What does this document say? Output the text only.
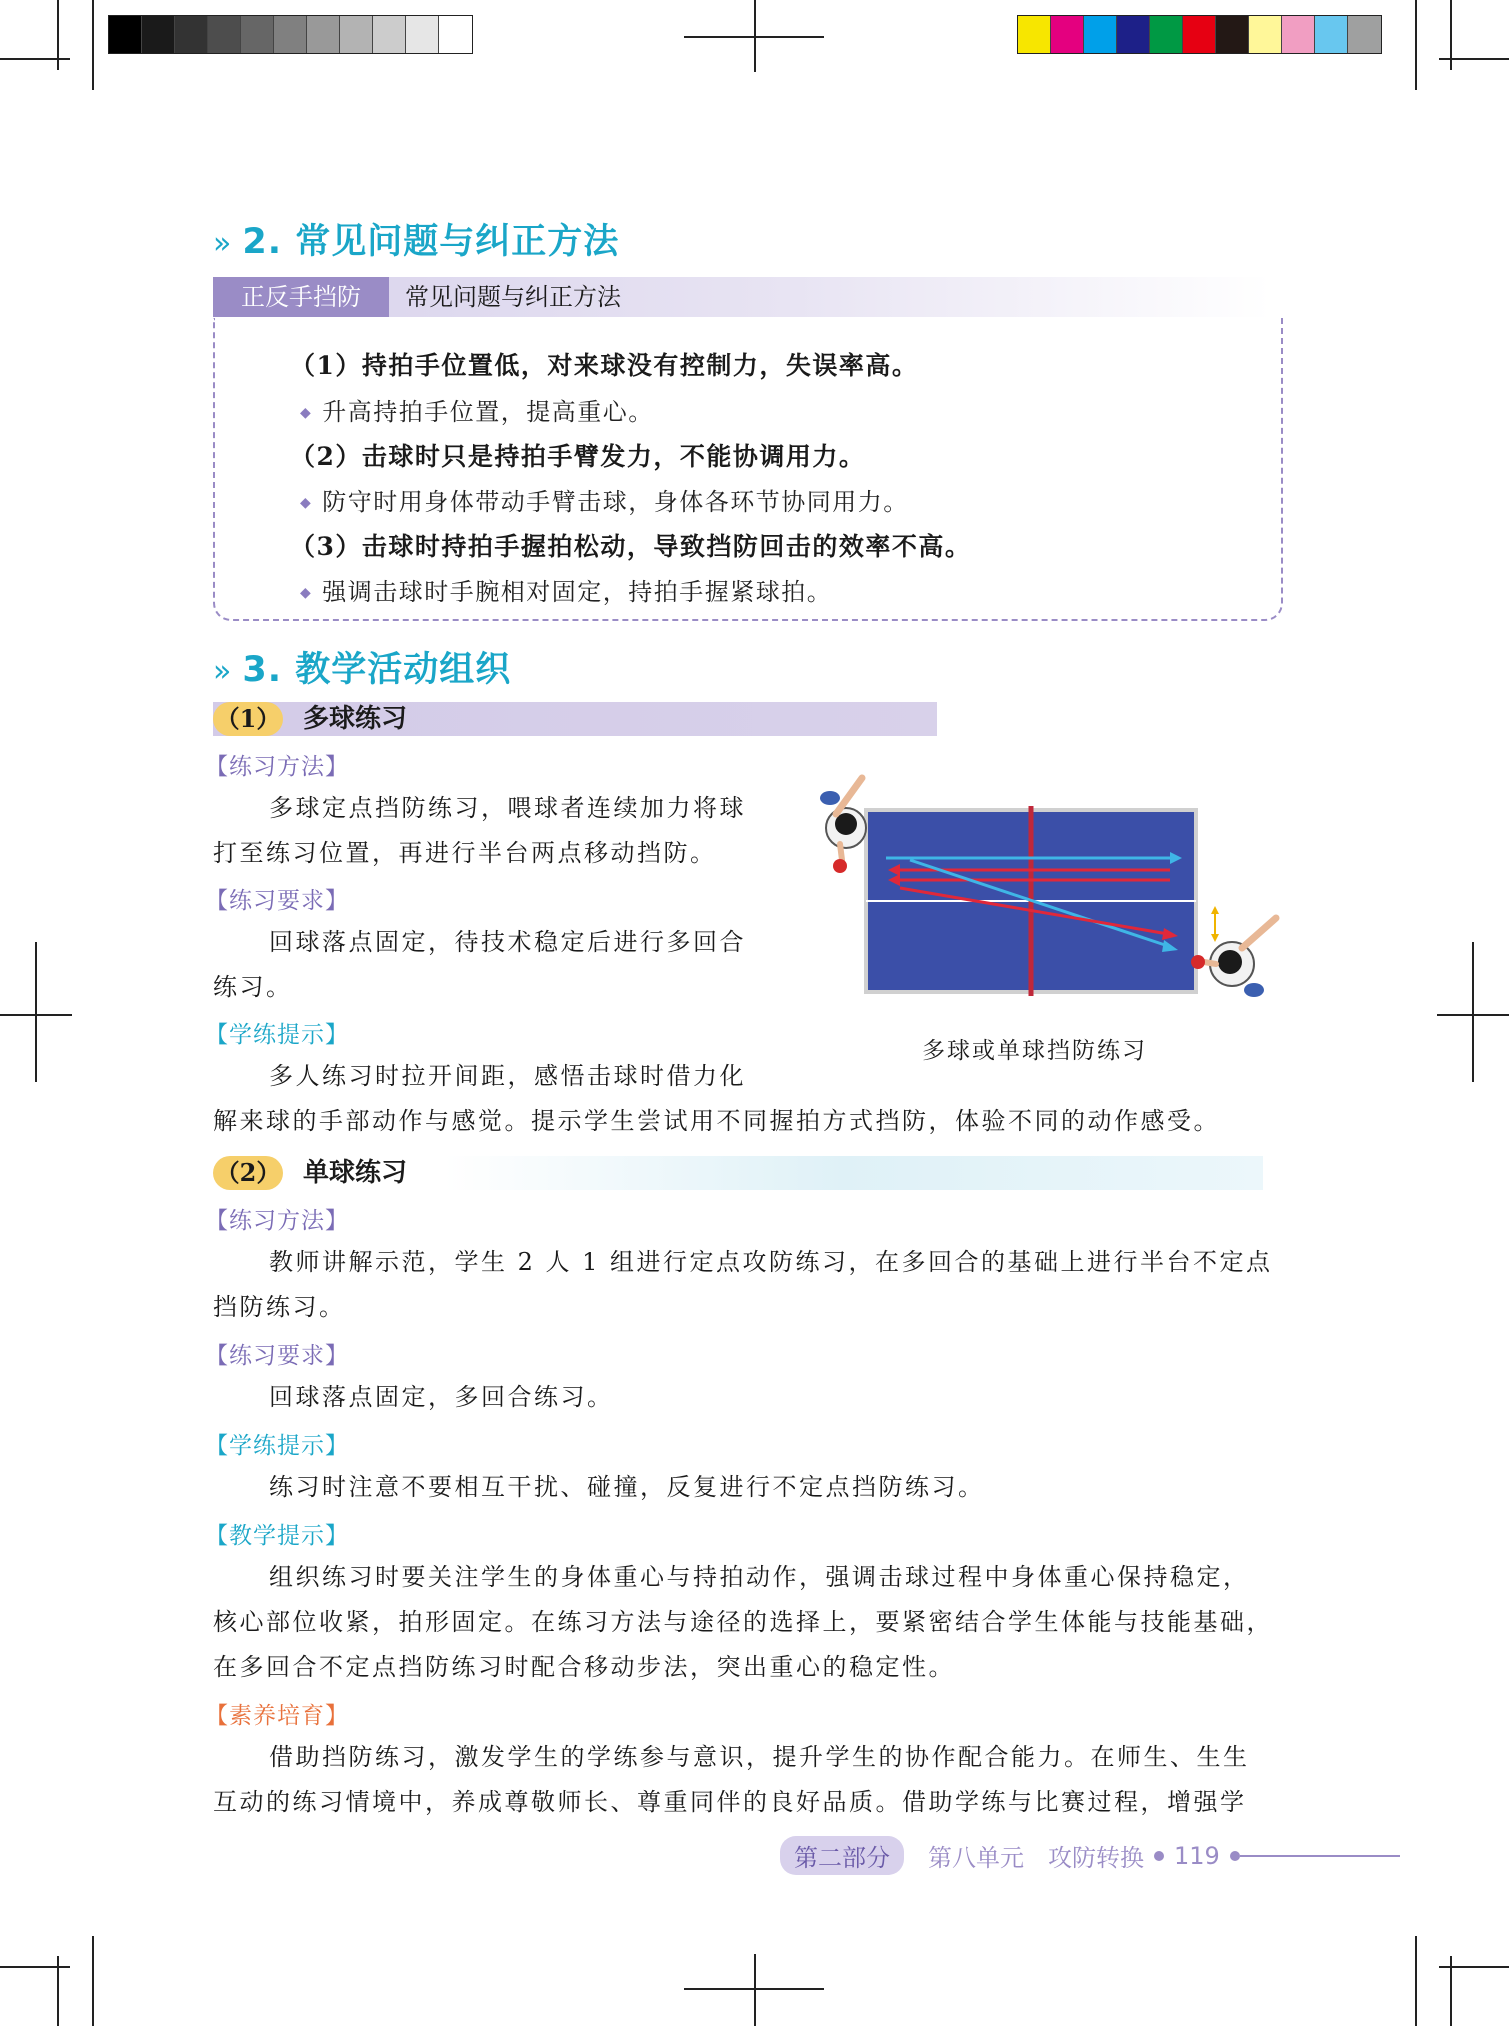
» 2. 常见问题与纠正方法
正反手挡防	常见问题与纠正方法
（1）持拍手位置低，对来球没有控制力，失误率高。
◆ 升高持拍手位置，提高重心。
（2）击球时只是持拍手臂发力，不能协调用力。
◆ 防守时用身体带动手臂击球，身体各环节协同用力。
（3）击球时持拍手握拍松动，导致挡防回击的效率不高。
◆ 强调击球时手腕相对固定，持拍手握紧球拍。
» 3. 教学活动组织
（1） 多球练习
【练习方法】
多球定点挡防练习，喂球者连续加力将球
打至练习位置，再进行半台两点移动挡防。
【练习要求】
回球落点固定，待技术稳定后进行多回合
练习。
【学练提示】
多人练习时拉开间距，感悟击球时借力化
解来球的手部动作与感觉。提示学生尝试用不同握拍方式挡防，体验不同的动作感受。
多球或单球挡防练习
（2） 单球练习
【练习方法】
教师讲解示范，学生 2 人 1 组进行定点攻防练习，在多回合的基础上进行半台不定点
挡防练习。
【练习要求】
回球落点固定，多回合练习。
【学练提示】
练习时注意不要相互干扰、碰撞，反复进行不定点挡防练习。
【教学提示】
组织练习时要关注学生的身体重心与持拍动作，强调击球过程中身体重心保持稳定，
核心部位收紧，拍形固定。在练习方法与途径的选择上，要紧密结合学生体能与技能基础，
在多回合不定点挡防练习时配合移动步法，突出重心的稳定性。
【素养培育】
借助挡防练习，激发学生的学练参与意识，提升学生的协作配合能力。在师生、生生
互动的练习情境中，养成尊敬师长、尊重同伴的良好品质。借助学练与比赛过程，增强学
第二部分	第八单元 攻防转换 119
